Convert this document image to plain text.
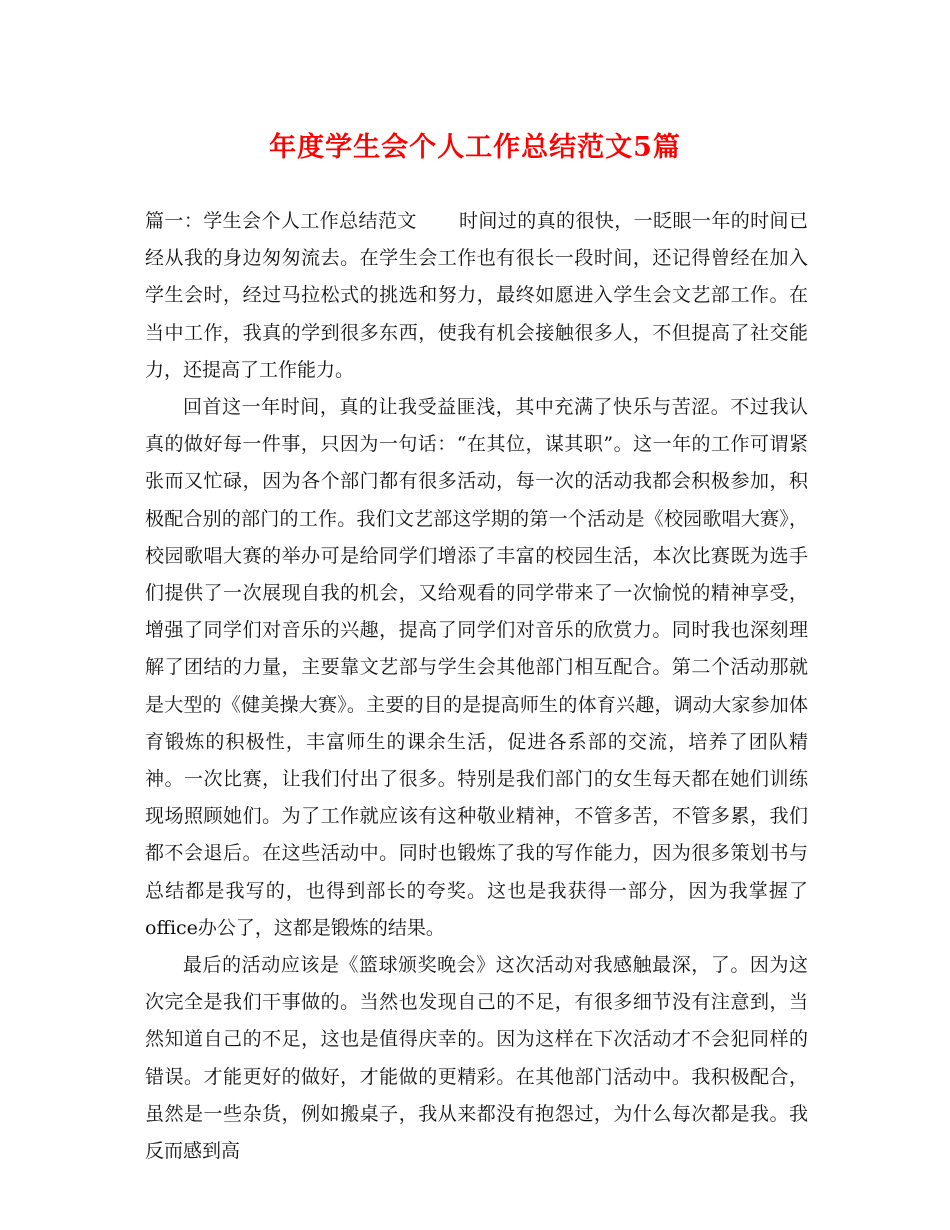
年度学生会个人工作总结范文5篇

篇一：学生会个人工作总结范文 时间过的真的很快，一眨眼一年的时间已经从我的身边匆匆流去。在学生会工作也有很长一段时间，还记得曾经在加入学生会时，经过马拉松式的挑选和努力，最终如愿进入学生会文艺部工作。在当中工作，我真的学到很多东西，使我有机会接触很多人，不但提高了社交能力，还提高了工作能力。

回首这一年时间，真的让我受益匪浅，其中充满了快乐与苦涩。不过我认真的做好每一件事，只因为一句话：“在其位，谋其职”。这一年的工作可谓紧张而又忙碌，因为各个部门都有很多活动，每一次的活动我都会积极参加，积极配合别的部门的工作。我们文艺部这学期的第一个活动是《校园歌唱大赛》，校园歌唱大赛的举办可是给同学们增添了丰富的校园生活，本次比赛既为选手们提供了一次展现自我的机会，又给观看的同学带来了一次愉悦的精神享受，增强了同学们对音乐的兴趣，提高了同学们对音乐的欣赏力。同时我也深刻理解了团结的力量，主要靠文艺部与学生会其他部门相互配合。第二个活动那就是大型的《健美操大赛》。主要的目的是提高师生的体育兴趣，调动大家参加体育锻炼的积极性，丰富师生的课余生活，促进各系部的交流，培养了团队精神。一次比赛，让我们付出了很多。特别是我们部门的女生每天都在她们训练现场照顾她们。为了工作就应该有这种敬业精神，不管多苦，不管多累，我们都不会退后。在这些活动中。同时也锻炼了我的写作能力，因为很多策划书与总结都是我写的，也得到部长的夸奖。这也是我获得一部分，因为我掌握了office办公了，这都是锻炼的结果。

最后的活动应该是《篮球颁奖晚会》这次活动对我感触最深，了。因为这次完全是我们干事做的。当然也发现自己的不足，有很多细节没有注意到，当然知道自己的不足，这也是值得庆幸的。因为这样在下次活动才不会犯同样的错误。才能更好的做好，才能做的更精彩。在其他部门活动中。我积极配合，虽然是一些杂货，例如搬桌子，我从来都没有抱怨过，为什么每次都是我。我反而感到高
